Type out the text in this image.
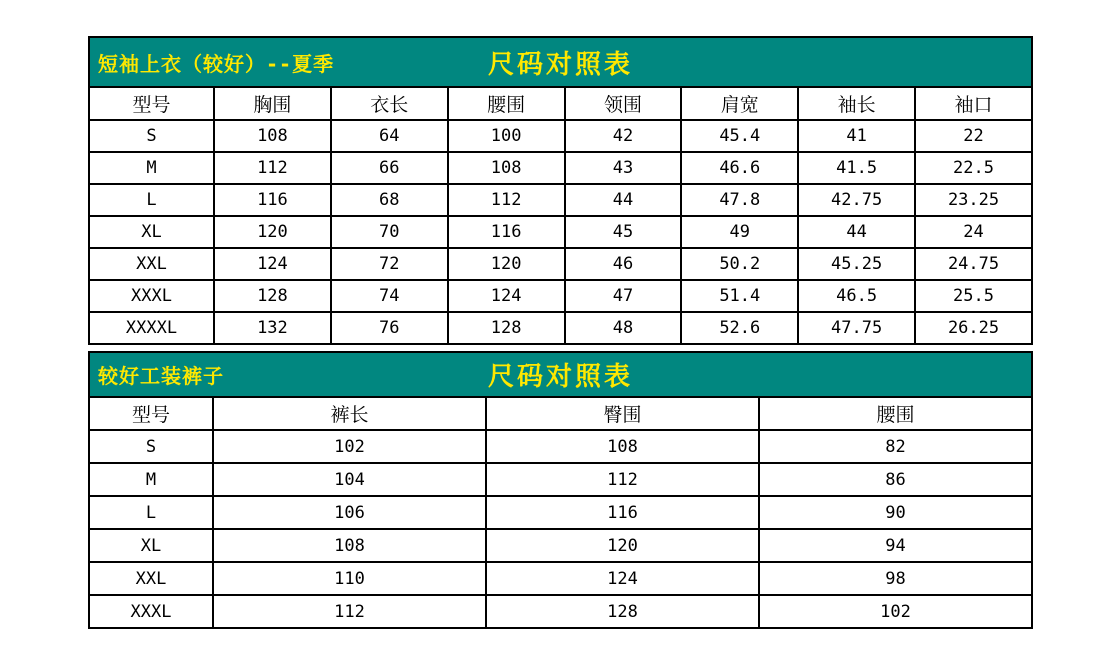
短袖上衣（较好）--夏季	尺码对照表
型号	胸围	衣长	腰围	领围	肩宽	袖长	袖口
S	108	64	100	42	45.4	41	22
M	112	66	108	43	46.6	41.5	22.5
L	116	68	112	44	47.8	42.75	23.25
XL	120	70	116	45	49	44	24
XXL	124	72	120	46	50.2	45.25	24.75
XXXL	128	74	124	47	51.4	46.5	25.5
XXXXL	132	76	128	48	52.6	47.75	26.25
较好工装裤子	尺码对照表
型号	裤长	臀围	腰围
S	102	108	82
M	104	112	86
L	106	116	90
XL	108	120	94
XXL	110	124	98
XXXL	112	128	102
